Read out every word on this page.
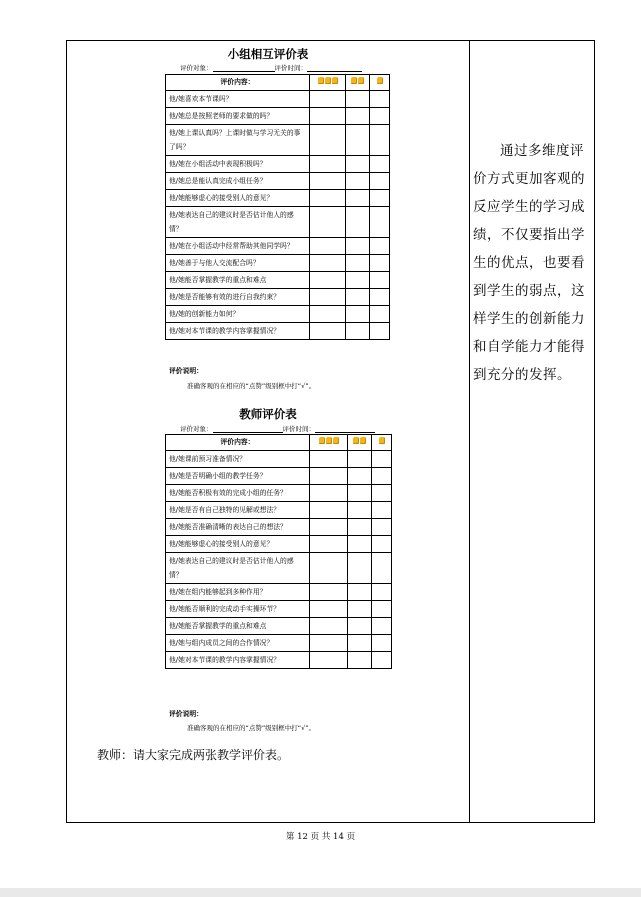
小组相互评价表
评价对象：	评价时间：
评价内容：	

他/她喜欢本节课吗？			
他/她总是按照老师的要求做的吗？			
他/她上课认真吗？上课时做与学习无关的事了吗？			
他/她在小组活动中表现积极吗？			
他/她总是能认真完成小组任务？			
他/她能够虚心的接受别人的意见？			
他/她表达自己的建议时是否估计他人的感情？			
他/她在小组活动中经常帮助其他同学吗？			
他/她善于与他人交流配合吗？			
他/她能否掌握教学的重点和难点			
他/她是否能够有效的进行自我约束？			
他/她的创新能力如何？			
他/她对本节课的教学内容掌握情况？			
评价说明：
准确客观的在相应的“点赞”级别框中打“√”。
教师评价表
评价对象：	评价时间：
评价内容：	

他/她课前预习准备情况？			
他/她是否明确小组的教学任务？			
他/她能否积极有效的完成小组的任务？			
他/她是否有自己独特的见解或想法？			
他/她能否准确清晰的表达自己的想法？			
他/她能够虚心的接受别人的意见？			
他/她表达自己的建议时是否估计他人的感情？			
他/她在组内能够起到多种作用？			
他/她能否顺利的完成动手实操环节？			
他/她能否掌握教学的重点和难点			
他/她与组内成员之间的合作情况？			
他/她对本节课的教学内容掌握情况？			
评价说明：
准确客观的在相应的“点赞”级别框中打“√”。
教师：请大家完成两张教学评价表。

通过多维度评价方式更加客观的反应学生的学习成绩，不仅要指出学生的优点，也要看到学生的弱点，这样学生的创新能力和自学能力才能得到充分的发挥。

第 12 页 共 14 页
